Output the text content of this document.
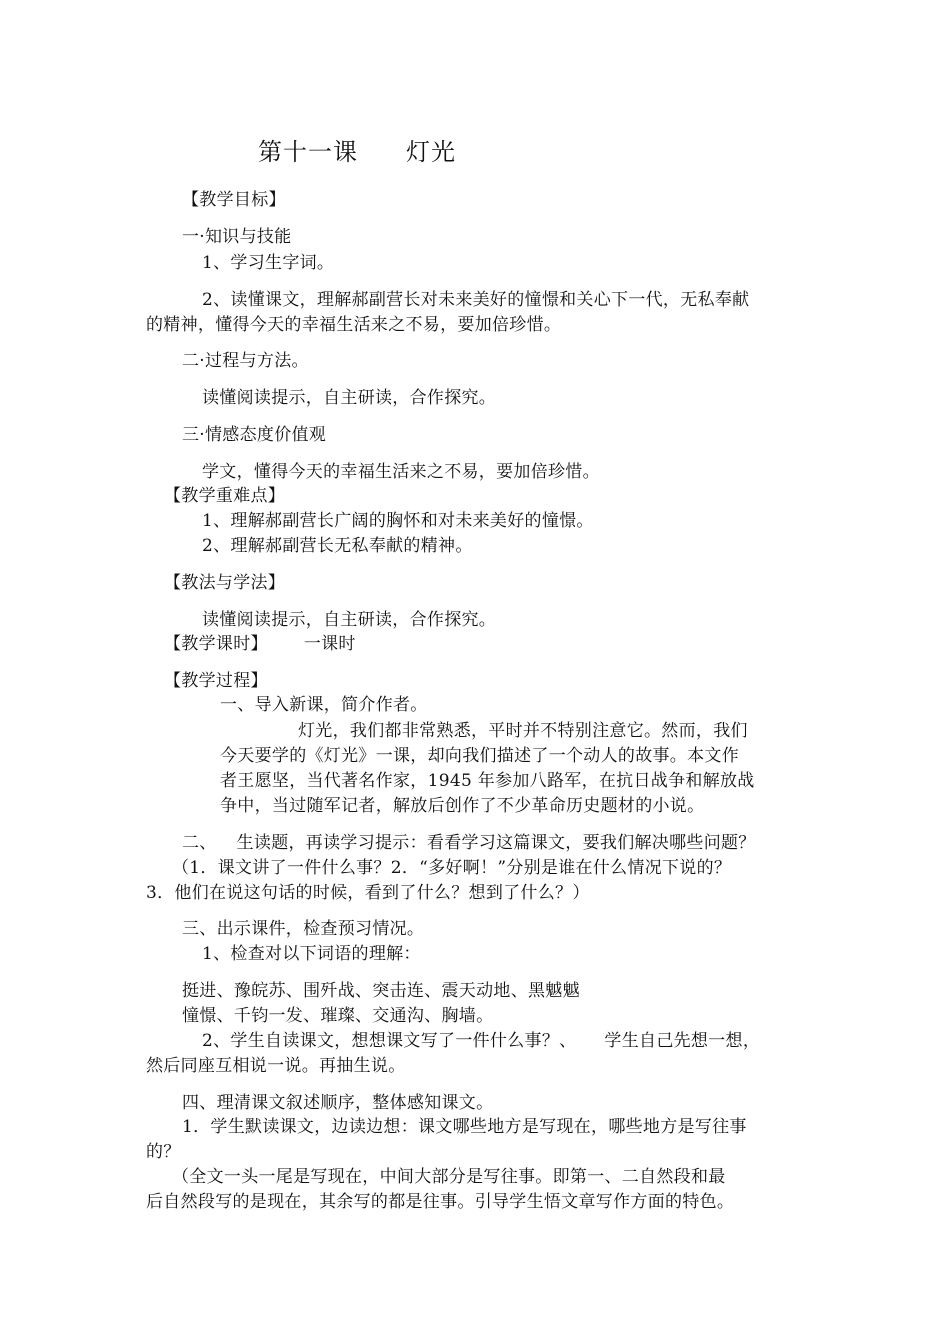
第十一课 灯光
【教学目标】
一·知识与技能
1、学习生字词。
2、读懂课文，理解郝副营长对未来美好的憧憬和关心下一代，无私奉献
的精神，懂得今天的幸福生活来之不易，要加倍珍惜。
二·过程与方法。
读懂阅读提示，自主研读，合作探究。
三·情感态度价值观
学文，懂得今天的幸福生活来之不易，要加倍珍惜。
【教学重难点】
1、理解郝副营长广阔的胸怀和对未来美好的憧憬。
2、理解郝副营长无私奉献的精神。
【教法与学法】
读懂阅读提示，自主研读，合作探究。
【教学课时】 一课时
【教学过程】
一、导入新课，简介作者。
灯光，我们都非常熟悉，平时并不特别注意它。然而，我们
今天要学的《灯光》一课，却向我们描述了一个动人的故事。本文作
者王愿坚，当代著名作家，1945 年参加八路军，在抗日战争和解放战
争中，当过随军记者，解放后创作了不少革命历史题材的小说。
二、 生读题，再读学习提示：看看学习这篇课文，要我们解决哪些问题？
（1．课文讲了一件什么事？2．“多好啊！”分别是谁在什么情况下说的？
3．他们在说这句话的时候，看到了什么？想到了什么？）
三、出示课件，检查预习情况。
1、检查对以下词语的理解：
挺进、豫皖苏、围歼战、突击连、震天动地、黑魆魆
憧憬、千钧一发、璀璨、交通沟、胸墙。
2、学生自读课文，想想课文写了一件什么事？、 学生自己先想一想，
然后同座互相说一说。再抽生说。
四、理清课文叙述顺序，整体感知课文。
1．学生默读课文，边读边想：课文哪些地方是写现在，哪些地方是写往事
的？
（全文一头一尾是写现在，中间大部分是写往事。即第一、二自然段和最
后自然段写的是现在，其余写的都是往事。引导学生悟文章写作方面的特色。
